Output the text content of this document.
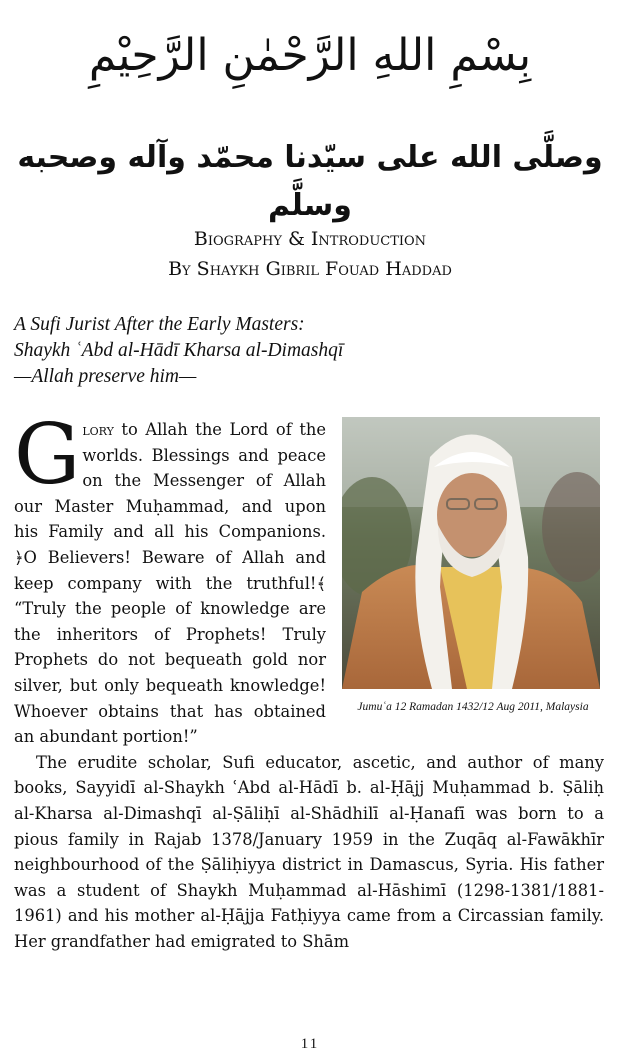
بِسْمِ اللهِ الرَّحْمٰنِ الرَّحِيْمِ
وصلَّى الله على سيّدنا محمّد وآله وصحبه وسلَّم
Biography & Introduction
By Shaykh Gibril Fouad Haddad
A Sufi Jurist After the Early Masters:
Shaykh ʿAbd al-Hādī Kharsa al-Dimashqī
—Allah preserve him—
Jumuʿa 12 Ramadan 1432/12 Aug 2011, Malaysia

Glory to Allah the Lord of the worlds. Blessings and peace on the Messenger of Allah our Master Muḥammad, and upon his Family and all his Companions. ﴿O Believers! Beware of Allah and keep company with the truthful!﴾ “Truly the people of knowledge are the inheritors of Prophets! Truly Prophets do not bequeath gold nor silver, but only bequeath knowledge! Whoever obtains that has obtained an abundant portion!”

The erudite scholar, Sufi educator, ascetic, and author of many books, Sayyidī al-Shaykh ʿAbd al-Hādī b. al-Ḥājj Muḥammad b. Ṣāliḥ al-Kharsa al-Dimashqī al-Ṣāliḥī al-Shādhilī al-Ḥanafī was born to a pious family in Rajab 1378/January 1959 in the Zuqāq al-Fawākhīr neighbourhood of the Ṣāliḥiyya district in Damascus, Syria. His father was a student of Shaykh Muḥammad al-Hāshimī (1298-1381/1881-1961) and his mother al-Ḥājja Fatḥiyya came from a Circassian family. Her grandfather had emigrated to Shām

11
